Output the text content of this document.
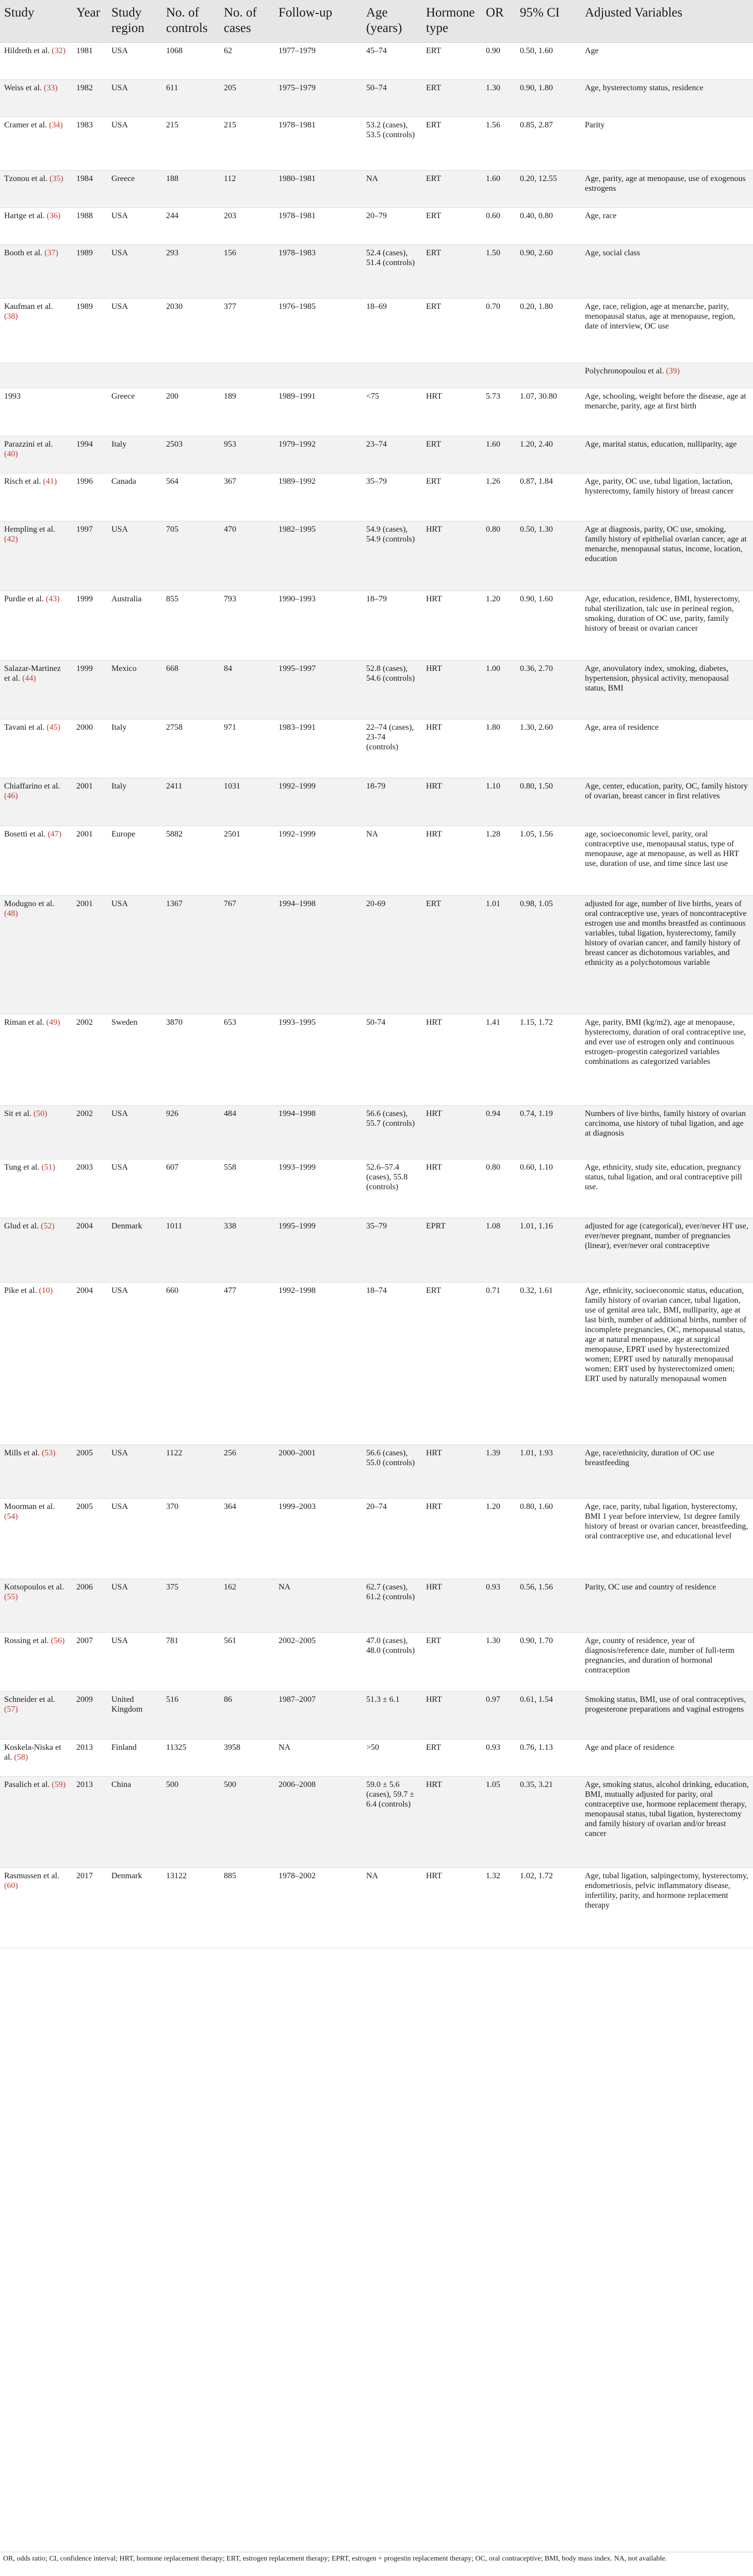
Study	Year	Study region	No. of controls	No. of cases	Follow-up	Age (years)	Hormone type	OR	95% CI	Adjusted Variables
Hildreth et al. (32)	1981	USA	1068	62	1977–1979	45–74	ERT	0.90	0.50, 1.60	Age
Weiss et al. (33)	1982	USA	611	205	1975–1979	50–74	ERT	1.30	0.90, 1.80	Age, hysterectomy status, residence
Cramer et al. (34)	1983	USA	215	215	1978–1981	53.2 (cases), 53.5 (controls)	ERT	1.56	0.85, 2.87	Parity
Tzonou et al. (35)	1984	Greece	188	112	1980–1981	NA	ERT	1.60	0.20, 12.55	Age, parity, age at menopause, use of exogenous estrogens
Hartge et al. (36)	1988	USA	244	203	1978–1981	20–79	ERT	0.60	0.40, 0.80	Age, race
Booth et al. (37)	1989	USA	293	156	1978–1983	52.4 (cases), 51.4 (controls)	ERT	1.50	0.90, 2.60	Age, social class
Kaufman et al. (38)	1989	USA	2030	377	1976–1985	18–69	ERT	0.70	0.20, 1.80	Age, race, religion, age at menarche, parity, menopausal status, age at menopause, region, date of interview, OC use
										Polychronopoulou et al. (39)
1993		Greece	200	189	1989–1991	<75	HRT	5.73	1.07, 30.80	Age, schooling, weight before the disease, age at menarche, parity, age at first birth
Parazzini et al. (40)	1994	Italy	2503	953	1979–1992	23–74	ERT	1.60	1.20, 2.40	Age, marital status, education, nulliparity, age
Risch et al. (41)	1996	Canada	564	367	1989–1992	35–79	ERT	1.26	0.87, 1.84	Age, parity, OC use, tubal ligation, lactation, hysterectomy, family history of breast cancer
Hempling et al. (42)	1997	USA	705	470	1982–1995	54.9 (cases), 54.9 (controls)	HRT	0.80	0.50, 1.30	Age at diagnosis, parity, OC use, smoking, family history of epithelial ovarian cancer, age at menarche, menopausal status, income, location, education
Purdie et al. (43)	1999	Australia	855	793	1990–1993	18–79	HRT	1.20	0.90, 1.60	Age, education, residence, BMI, hysterectomy, tubal sterilization, talc use in perineal region, smoking, duration of OC use, parity, family history of breast or ovarian cancer
Salazar-Martinez et al. (44)	1999	Mexico	668	84	1995–1997	52.8 (cases), 54.6 (controls)	HRT	1.00	0.36, 2.70	Age, anovulatory index, smoking, diabetes, hypertension, physical activity, menopausal status, BMI
Tavani et al. (45)	2000	Italy	2758	971	1983–1991	22–74 (cases), 23-74 (controls)	HRT	1.80	1.30, 2.60	Age, area of residence
Chiaffarino et al. (46)	2001	Italy	2411	1031	1992–1999	18-79	HRT	1.10	0.80, 1.50	Age, center, education, parity, OC, family history of ovarian, breast cancer in first relatives
Bosetti et al. (47)	2001	Europe	5882	2501	1992–1999	NA	HRT	1.28	1.05, 1.56	age, socioeconomic level, parity, oral contraceptive use, menopausal status, type of menopause, age at menopause, as well as HRT use, duration of use, and time since last use
Modugno et al. (48)	2001	USA	1367	767	1994–1998	20-69	ERT	1.01	0.98, 1.05	adjusted for age, number of live births, years of oral contraceptive use, years of noncontraceptive estrogen use and months breastfed as continuous variables, tubal ligation, hysterectomy, family history of ovarian cancer, and family history of breast cancer as dichotomous variables, and ethnicity as a polychotomous variable
Riman et al. (49)	2002	Sweden	3870	653	1993–1995	50-74	HRT	1.41	1.15, 1.72	Age, parity, BMI (kg/m2), age at menopause, hysterectomy, duration of oral contraceptive use, and ever use of estrogen only and continuous estrogen–progestin categorized variables combinations as categorized variables
Sit et al. (50)	2002	USA	926	484	1994–1998	56.6 (cases), 55.7 (controls)	HRT	0.94	0.74, 1.19	Numbers of live births, family history of ovarian carcinoma, use history of tubal ligation, and age at diagnosis
Tung et al. (51)	2003	USA	607	558	1993–1999	52.6–57.4 (cases), 55.8 (controls)	HRT	0.80	0.60, 1.10	Age, ethnicity, study site, education, pregnancy status, tubal ligation, and oral contraceptive pill use.
Glud et al. (52)	2004	Denmark	1011	338	1995–1999	35–79	EPRT	1.08	1.01, 1.16	adjusted for age (categorical), ever/never HT use, ever/never pregnant, number of pregnancies (linear), ever/never oral contraceptive
Pike et al. (10)	2004	USA	660	477	1992–1998	18–74	ERT	0.71	0.32, 1.61	Age, ethnicity, socioeconomic status, education, family history of ovarian cancer, tubal ligation, use of genital area talc, BMI, nulliparity, age at last birth, number of additional births, number of incomplete pregnancies, OC, menopausal status, age at natural menopause, age at surgical menopause, EPRT used by hysterectomized women; EPRT used by naturally menopausal women; ERT used by hysterectomized omen; ERT used by naturally menopausal women
Mills et al. (53)	2005	USA	1122	256	2000–2001	56.6 (cases), 55.0 (controls)	HRT	1.39	1.01, 1.93	Age, race/ethnicity, duration of OC use breastfeeding
Moorman et al. (54)	2005	USA	370	364	1999–2003	20–74	HRT	1.20	0.80, 1.60	Age, race, parity, tubal ligation, hysterectomy, BMI 1 year before interview, 1st degree family history of breast or ovarian cancer, breastfeeding, oral contraceptive use, and educational level
Kotsopoulos et al. (55)	2006	USA	375	162	NA	62.7 (cases), 61.2 (controls)	HRT	0.93	0.56, 1.56	Parity, OC use and country of residence
Rossing et al. (56)	2007	USA	781	561	2002–2005	47.0 (cases), 48.0 (controls)	ERT	1.30	0.90, 1.70	Age, county of residence, year of diagnosis/reference date, number of full-term pregnancies, and duration of hormonal contraception
Schneider et al. (57)	2009	United Kingdom	516	86	1987–2007	51.3 ± 6.1	HRT	0.97	0.61, 1.54	Smoking status, BMI, use of oral contraceptives, progesterone preparations and vaginal estrogens
Koskela-Niska et al. (58)	2013	Finland	11325	3958	NA	>50	ERT	0.93	0.76, 1.13	Age and place of residence
Pasalich et al. (59)	2013	China	500	500	2006–2008	59.0 ± 5.6 (cases), 59.7 ± 6.4 (controls)	HRT	1.05	0.35, 3.21	Age, smoking status, alcohol drinking, education, BMI, mutually adjusted for parity, oral contraceptive use, hormone replacement therapy, menopausal status, tubal ligation, hysterectomy and family history of ovarian and/or breast cancer
Rasmussen et al. (60)	2017	Denmark	13122	885	1978–2002	NA	HRT	1.32	1.02, 1.72	Age, tubal ligation, salpingectomy, hysterectomy, endometriosis, pelvic inflammatory disease, infertility, parity, and hormone replacement therapy
OR, odds ratio; CI, confidence interval; HRT, hormone replacement therapy; ERT, estrogen replacement therapy; EPRT, estrogen + progestin replacement therapy; OC, oral contraceptive; BMI, body mass index. NA, not available.
